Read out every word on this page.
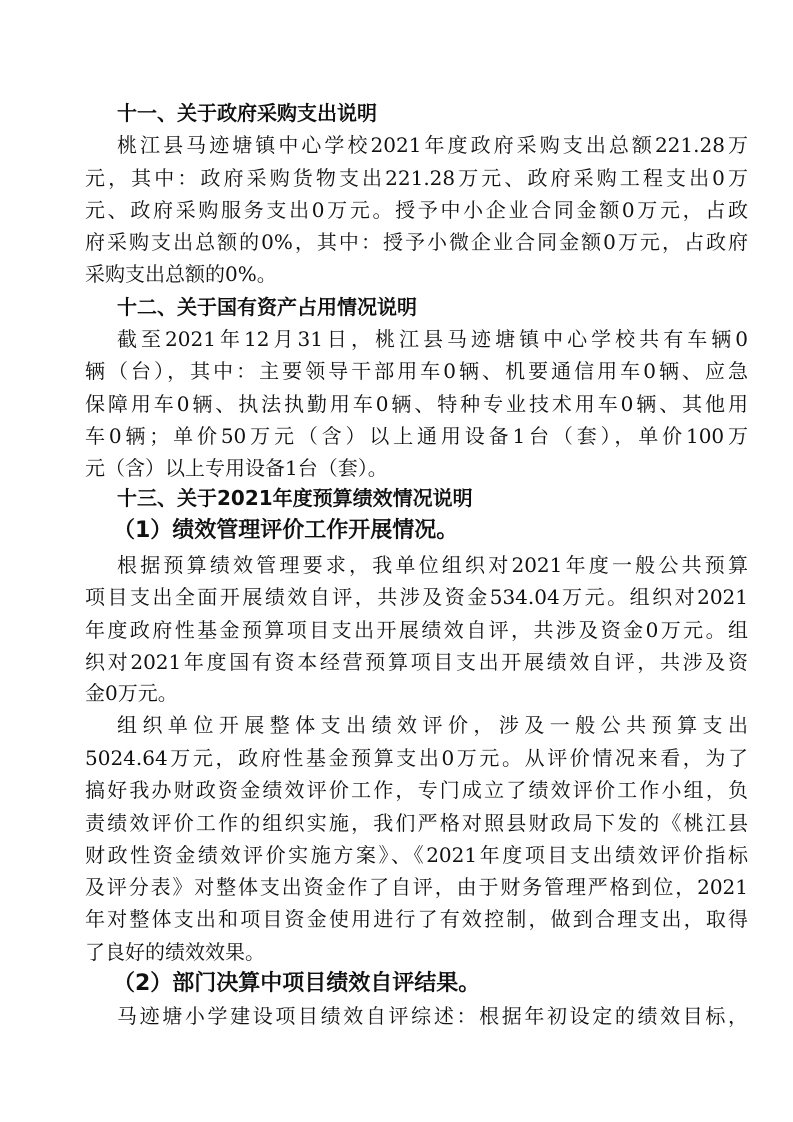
十一、关于政府采购支出说明
桃江县马迹塘镇中心学校2021年度政府采购支出总额221.28万
元，其中：政府采购货物支出221.28万元、政府采购工程支出0万
元、政府采购服务支出0万元。授予中小企业合同金额0万元，占政
府采购支出总额的0%，其中：授予小微企业合同金额0万元，占政府
采购支出总额的0%。
十二、关于国有资产占用情况说明
截至2021年12月31日，桃江县马迹塘镇中心学校共有车辆0
辆（台），其中：主要领导干部用车0辆、机要通信用车0辆、应急
保障用车0辆、执法执勤用车0辆、特种专业技术用车0辆、其他用
车0辆；单价50万元（含）以上通用设备1台（套），单价100万
元（含）以上专用设备1台（套）。
十三、关于2021年度预算绩效情况说明
（1）绩效管理评价工作开展情况。
根据预算绩效管理要求，我单位组织对2021年度一般公共预算
项目支出全面开展绩效自评，共涉及资金534.04万元。组织对2021
年度政府性基金预算项目支出开展绩效自评，共涉及资金0万元。组
织对2021年度国有资本经营预算项目支出开展绩效自评，共涉及资
金0万元。
组织单位开展整体支出绩效评价，涉及一般公共预算支出
5024.64万元，政府性基金预算支出0万元。从评价情况来看，为了
搞好我办财政资金绩效评价工作，专门成立了绩效评价工作小组，负
责绩效评价工作的组织实施，我们严格对照县财政局下发的《桃江县
财政性资金绩效评价实施方案》、《2021年度项目支出绩效评价指标
及评分表》对整体支出资金作了自评，由于财务管理严格到位，2021
年对整体支出和项目资金使用进行了有效控制，做到合理支出，取得
了良好的绩效效果。
（2）部门决算中项目绩效自评结果。
马迹塘小学建设项目绩效自评综述：根据年初设定的绩效目标，
